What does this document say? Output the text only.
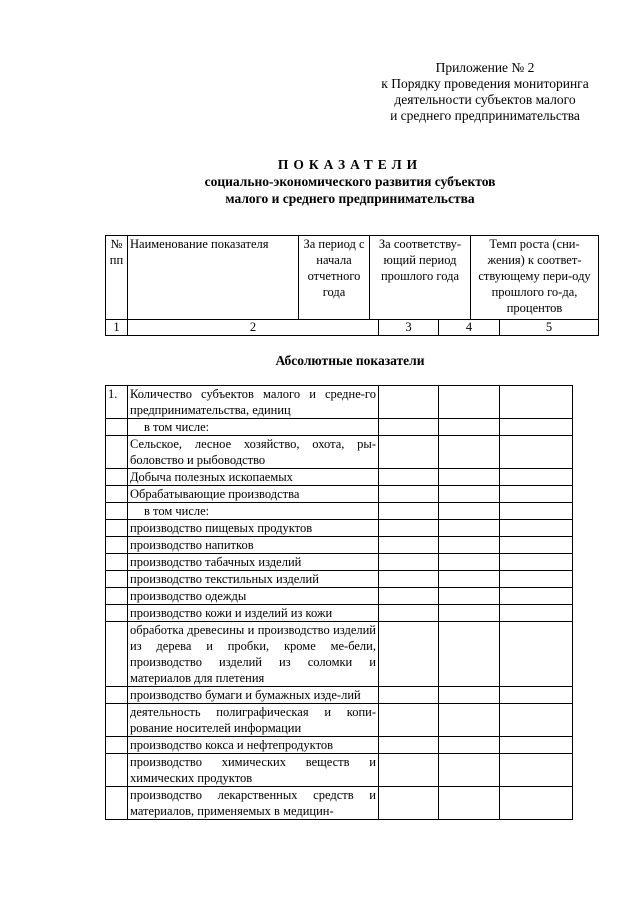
Приложение № 2
к Порядку проведения мониторинга
деятельности субъектов малого
и среднего предпринимательства
ПОКАЗАТЕЛИ
социально-экономического развития субъектов
малого и среднего предпринимательства
№ пп	Наименование показателя	За период с начала отчетного года	За соответству-ющий период прошлого года	Темп роста (сни-жения) к соответ-ствующему пери-оду прошлого го-да, процентов
1	2	3	4	5
Абсолютные показатели
1.	Количество субъектов малого и средне-го предпринимательства, единиц			
	в том числе:			
	Сельское, лесное хозяйство, охота, ры-боловство и рыбоводство			
	Добыча полезных ископаемых			
	Обрабатывающие производства			
	в том числе:			
	производство пищевых продуктов			
	производство напитков			
	производство табачных изделий			
	производство текстильных изделий			
	производство одежды			
	производство кожи и изделий из кожи			
	обработка древесины и производство изделий из дерева и пробки, кроме ме-бели, производство изделий из соломки и материалов для плетения			
	производство бумаги и бумажных изде-лий			
	деятельность полиграфическая и копи-рование носителей информации			
	производство кокса и нефтепродуктов			
	производство химических веществ и химических продуктов			
	производство лекарственных средств и материалов, применяемых в медицин-			
